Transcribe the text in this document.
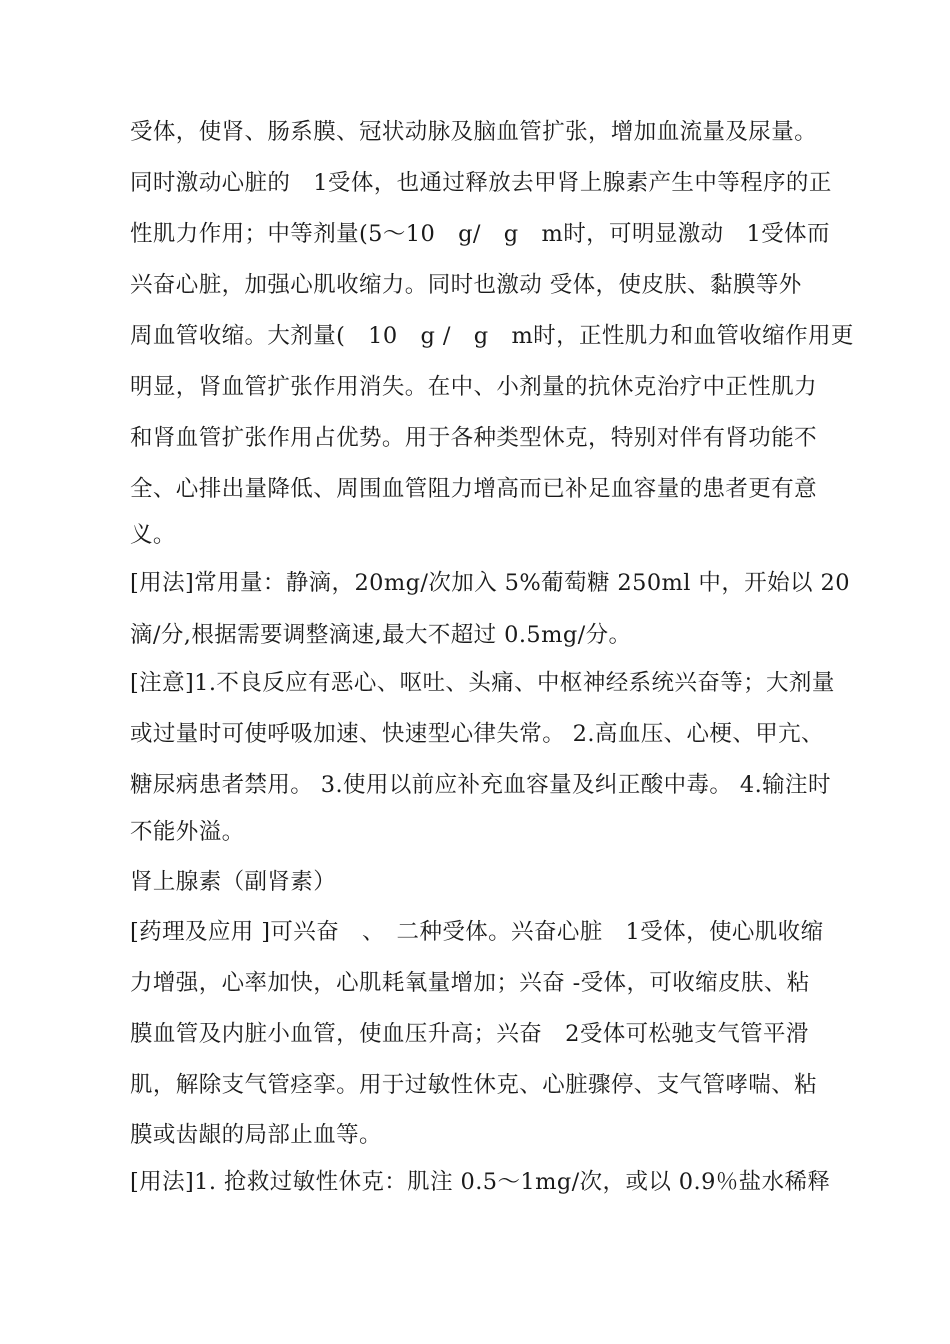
受体，使肾、肠系膜、冠状动脉及脑血管扩张，增加血流量及尿量。
同时激动心脏的　1受体，也通过释放去甲肾上腺素产生中等程序的正
性肌力作用；中等剂量(5～10　g/　g　m时，可明显激动　1受体而
兴奋心脏，加强心肌收缩力。同时也激动 受体，使皮肤、黏膜等外
周血管收缩。大剂量(　10　g /　g　m时，正性肌力和血管收缩作用更
明显，肾血管扩张作用消失。在中、小剂量的抗休克治疗中正性肌力
和肾血管扩张作用占优势。用于各种类型休克，特别对伴有肾功能不
全、心排出量降低、周围血管阻力增高而已补足血容量的患者更有意
义。
[用法]常用量：静滴，20mg/次加入 5%葡萄糖 250ml 中，开始以 20
滴/分,根据需要调整滴速,最大不超过 0.5mg/分。
[注意]1.不良反应有恶心、呕吐、头痛、中枢神经系统兴奋等；大剂量
或过量时可使呼吸加速、快速型心律失常。 2.高血压、心梗、甲亢、
糖尿病患者禁用。 3.使用以前应补充血容量及纠正酸中毒。 4.输注时
不能外溢。
肾上腺素（副肾素）
[药理及应用 ]可兴奋　、　二种受体。兴奋心脏　1受体，使心肌收缩
力增强，心率加快，心肌耗氧量增加；兴奋 -受体，可收缩皮肤、粘
膜血管及内脏小血管，使血压升高；兴奋　2受体可松驰支气管平滑
肌，解除支气管痉挛。用于过敏性休克、心脏骤停、支气管哮喘、粘
膜或齿龈的局部止血等。
[用法]1. 抢救过敏性休克：肌注 0.5～1mg/次，或以 0.9％盐水稀释
